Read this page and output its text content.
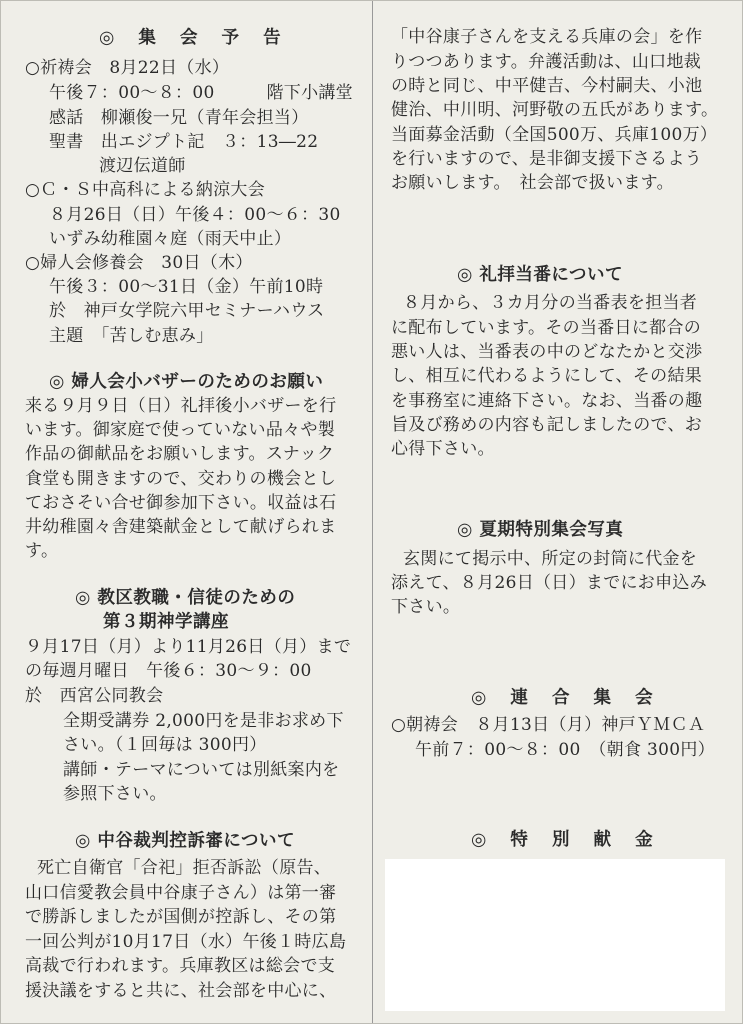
◎ 集 会 予 告
○祈祷会　8月22日（水）
午後７：00～８：00　　　階下小講堂
感話　柳瀬俊一兄（青年会担当）
聖書　出エジプト記　３：13―22
渡辺伝道師
○Ｃ・Ｓ中高科による納涼大会
８月26日（日）午後４：00～６：30
いずみ幼稚園々庭（雨天中止）
○婦人会修養会　30日（木）
午後３：00～31日（金）午前10時
於　神戸女学院六甲セミナーハウス
主題　「苦しむ恵み」
◎ 婦人会小バザーのためのお願い
来る９月９日（日）礼拝後小バザーを行
います。御家庭で使っていない品々や製
作品の御献品をお願いします。スナック
食堂も開きますので、交わりの機会とし
ておさそい合せ御参加下さい。収益は石
井幼稚園々舎建築献金として献げられま
す。
◎ 教区教職・信徒のための
第３期神学講座
９月17日（月）より11月26日（月）まで
の毎週月曜日　午後６：30～９：00
於　西宮公同教会
全期受講券 2,000円を是非お求め下
さい。（１回毎は 300円）
講師・テーマについては別紙案内を
参照下さい。
◎ 中谷裁判控訴審について
死亡自衛官「合祀」拒否訴訟（原告、
山口信愛教会員中谷康子さん）は第一審
で勝訴しましたが国側が控訴し、その第
一回公判が10月17日（水）午後１時広島
高裁で行われます。兵庫教区は総会で支
援決議をすると共に、社会部を中心に、
「中谷康子さんを支える兵庫の会」を作
りつつあります。弁護活動は、山口地裁
の時と同じ、中平健吉、今村嗣夫、小池
健治、中川明、河野敬の五氏があります。
当面募金活動（全国500万、兵庫100万）
を行いますので、是非御支援下さるよう
お願いします。　社会部で扱います。
◎ 礼拝当番について
８月から、３カ月分の当番表を担当者
に配布しています。その当番日に都合の
悪い人は、当番表の中のどなたかと交渉
し、相互に代わるようにして、その結果
を事務室に連絡下さい。なお、当番の趣
旨及び務めの内容も記しましたので、お
心得下さい。
◎ 夏期特別集会写真
玄関にて掲示中、所定の封筒に代金を
添えて、８月26日（日）までにお申込み
下さい。
◎ 連 合 集 会
○朝祷会　８月13日（月）神戸ＹＭＣＡ
午前７：00～８：00　（朝食 300円）
◎ 特 別 献 金
